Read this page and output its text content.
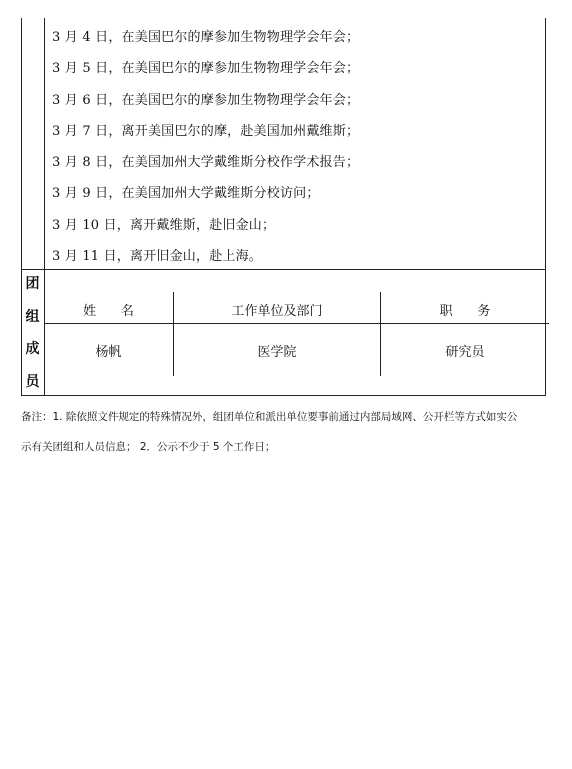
3 月 4 日，在美国巴尔的摩参加生物物理学会年会；
3 月 5 日，在美国巴尔的摩参加生物物理学会年会；
3 月 6 日，在美国巴尔的摩参加生物物理学会年会；
3 月 7 日，离开美国巴尔的摩，赴美国加州戴维斯；
3 月 8 日，在美国加州大学戴维斯分校作学术报告；
3 月 9 日，在美国加州大学戴维斯分校访问；
3 月 10 日，离开戴维斯，赴旧金山；
3 月 11 日，离开旧金山，赴上海。
团
组
成
员
姓      名	工作单位及部门	职      务
杨帆	医学院	研究员

备注：1. 除依照文件规定的特殊情况外，组团单位和派出单位要事前通过内部局域网、公开栏等方式如实公

示有关团组和人员信息； 2．公示不少于 5 个工作日；
